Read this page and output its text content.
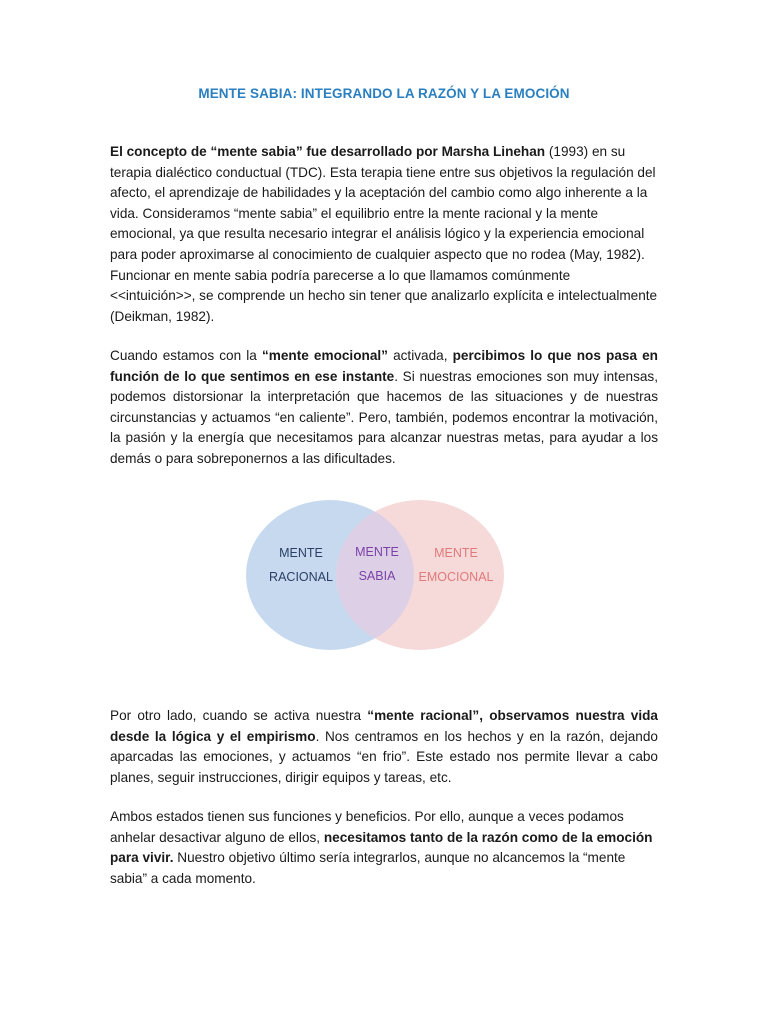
MENTE SABIA: INTEGRANDO LA RAZÓN Y LA EMOCIÓN

El concepto de “mente sabia” fue desarrollado por Marsha Linehan (1993) en su terapia dialéctico conductual (TDC). Esta terapia tiene entre sus objetivos la regulación del afecto, el aprendizaje de habilidades y la aceptación del cambio como algo inherente a la vida. Consideramos “mente sabia” el equilibrio entre la mente racional y la mente emocional, ya que resulta necesario integrar el análisis lógico y la experiencia emocional para poder aproximarse al conocimiento de cualquier aspecto que no rodea (May, 1982). Funcionar en mente sabia podría parecerse a lo que llamamos comúnmente <<intuición>>, se comprende un hecho sin tener que analizarlo explícita e intelectualmente (Deikman, 1982).

Cuando estamos con la “mente emocional” activada, percibimos lo que nos pasa en función de lo que sentimos en ese instante. Si nuestras emociones son muy intensas, podemos distorsionar la interpretación que hacemos de las situaciones y de nuestras circunstancias y actuamos “en caliente”. Pero, también, podemos encontrar la motivación, la pasión y la energía que necesitamos para alcanzar nuestras metas, para ayudar a los demás o para sobreponernos a las dificultades.

MENTE
RACIONAL
MENTE
SABIA
MENTE
EMOCIONAL

Por otro lado, cuando se activa nuestra “mente racional”, observamos nuestra vida desde la lógica y el empirismo. Nos centramos en los hechos y en la razón, dejando aparcadas las emociones, y actuamos “en frio”. Este estado nos permite llevar a cabo planes, seguir instrucciones, dirigir equipos y tareas, etc.

Ambos estados tienen sus funciones y beneficios. Por ello, aunque a veces podamos anhelar desactivar alguno de ellos, necesitamos tanto de la razón como de la emoción para vivir. Nuestro objetivo último sería integrarlos, aunque no alcancemos la “mente sabia” a cada momento.
